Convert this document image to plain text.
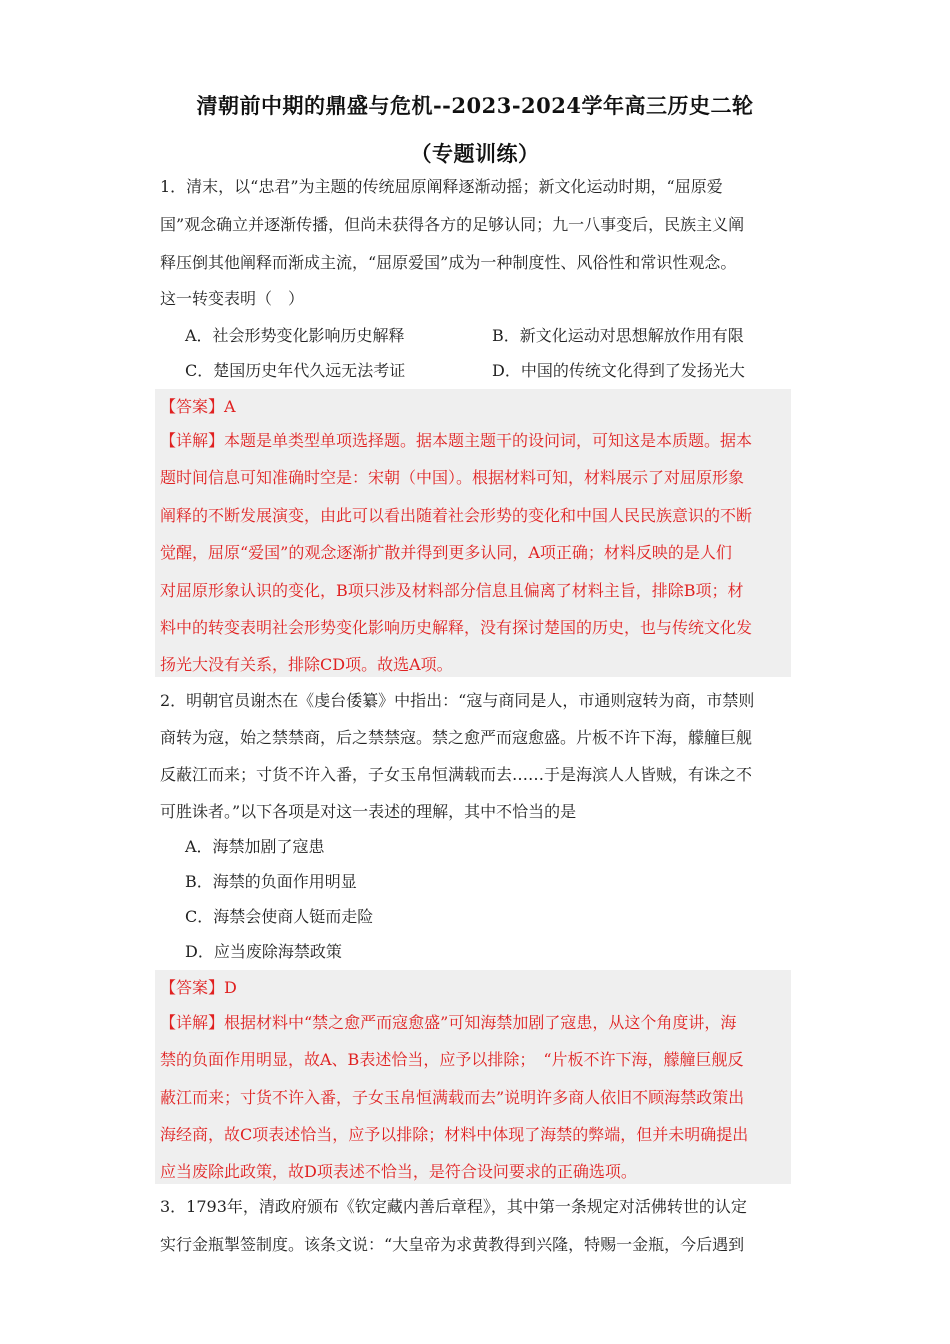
清朝前中期的鼎盛与危机--2023-2024学年高三历史二轮
（专题训练）
1．清末，以“忠君”为主题的传统屈原阐释逐渐动摇；新文化运动时期，“屈原爱
国”观念确立并逐渐传播，但尚未获得各方的足够认同；九一八事变后，民族主义阐
释压倒其他阐释而渐成主流，“屈原爱国”成为一种制度性、风俗性和常识性观念。
这一转变表明（　）
A．社会形势变化影响历史解释	B．新文化运动对思想解放作用有限
C．楚国历史年代久远无法考证	D．中国的传统文化得到了发扬光大
【答案】A
【详解】本题是单类型单项选择题。据本题主题干的设问词，可知这是本质题。据本
题时间信息可知准确时空是：宋朝（中国）。根据材料可知，材料展示了对屈原形象
阐释的不断发展演变，由此可以看出随着社会形势的变化和中国人民民族意识的不断
觉醒，屈原“爱国”的观念逐渐扩散并得到更多认同，A项正确；材料反映的是人们
对屈原形象认识的变化，B项只涉及材料部分信息且偏离了材料主旨，排除B项；材
料中的转变表明社会形势变化影响历史解释，没有探讨楚国的历史，也与传统文化发
扬光大没有关系，排除CD项。故选A项。
2．明朝官员谢杰在《虔台倭纂》中指出：“寇与商同是人，市通则寇转为商，市禁则
商转为寇，始之禁禁商，后之禁禁寇。禁之愈严而寇愈盛。片板不许下海，艨艟巨舰
反蔽江而来；寸货不许入番，子女玉帛恒满载而去……于是海滨人人皆贼，有诛之不
可胜诛者。”以下各项是对这一表述的理解，其中不恰当的是
A．海禁加剧了寇患
B．海禁的负面作用明显
C．海禁会使商人铤而走险
D．应当废除海禁政策
【答案】D
【详解】根据材料中“禁之愈严而寇愈盛”可知海禁加剧了寇患，从这个角度讲，海
禁的负面作用明显，故A、B表述恰当，应予以排除；　“片板不许下海，艨艟巨舰反
蔽江而来；寸货不许入番，子女玉帛恒满载而去”说明许多商人依旧不顾海禁政策出
海经商，故C项表述恰当，应予以排除；材料中体现了海禁的弊端，但并未明确提出
应当废除此政策，故D项表述不恰当，是符合设问要求的正确选项。
3．1793年，清政府颁布《钦定藏内善后章程》，其中第一条规定对活佛转世的认定
实行金瓶掣签制度。该条文说：“大皇帝为求黄教得到兴隆，特赐一金瓶，今后遇到
